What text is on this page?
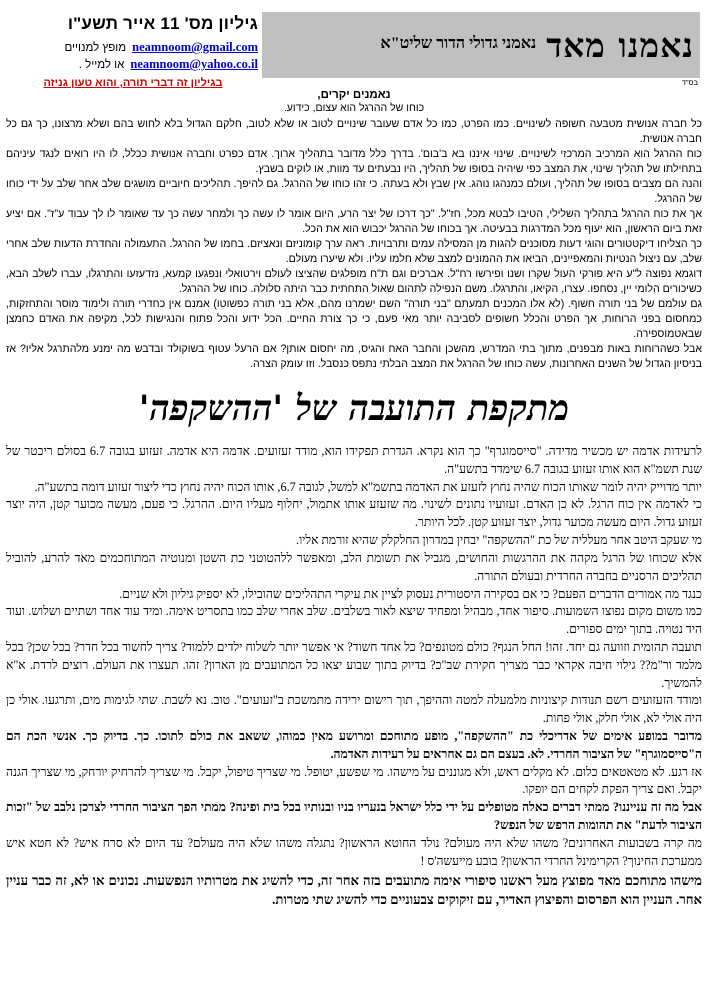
נאמנו מאד
נאמני גדולי הדור שליט"א
גיליון מס' 11 אייר תשע"ו
neamnoom@gmail.com
מופץ למנויים
neamnoom@yahoo.co.il
או למייל .
בגיליון זה דברי תורה, והוא טעון גניזה	בס"ד

נאמנים יקרים,

כוחו של ההרגל הוא עצום, כידוע.

כל חברה אנושית מטבעה חשופה לשינויים. כמו הפרט, כמו כל אדם שעובר שינויים לטוב או שלא לטוב, חלקם הגדול בלא לחוש בהם ושלא מרצונו, כך גם כל חברה אנושית.

כוח ההרגל הוא המרכיב המרכזי לשינויים. שינוי איננו בא ב'בום'. בדרך כלל מדובר בתהליך ארוך. אדם כפרט וחברה אנושית ככלל, לו היו רואים לנגד עיניהם בתחילתו של תהליך שינוי, את המצב כפי שיהיה בסופו של תהליך, היו נבעתים עד מוות, או לוקים בשבץ.

והנה הם מצבים בסופו של תהליך, ועולם כמנהגו נוהג. אין שבץ ולא בעתה. כי זהו כוחו של ההרגל. גם להיפך. תהליכים חיוביים מושגים שלב אחר שלב על ידי כוחו של ההרגל.

אך את כוח ההרגל בתהליך השלילי, הטיבו לבטא מכל, חז"ל. "כך דרכו של יצר הרע, היום אומר לו עשה כך ולמחר עשה כך עד שאומר לו לך עבוד ע"ז". אם יציע זאת ביום הראשון, הוא יעוף מכל המדרגות בבעיטה. אך בכוחו של ההרגל יכבוש הוא את הכל.

כך הצליחו דיקטטורים והוגי דעות מסוכנים להגות מן המסילה עמים ותרבויות. ראה ערך קומוניזם ונאציזם. בחמו של ההרגל. התעמולה והחדרת הדעות שלב אחרי שלב, עם ניצול הנטיות והמאפיינים, הביאו את ההמונים למצב שלא חלמו עליו. ולא שיערו מעולם.

דוגמא נפוצה ל"ע היא פורקי העול שקרו ושנו ופירשו רח"ל. אברכים וגם ת"ח מופלגים שהציצו לעולם וירטואלי ונפגעו קמעא, נזדעזעו והתרגלו, עברו לשלב הבא, כשיכורים הלומי יין, נסחפו. עצרו, הקיאו, והתרגלו. משם הנפילה לתהום שאול התחתית כבר היתה סלולה. כוחו של ההרגל.

גם עולמם של בני תורה חשוף. (לא אלו המכנים תמעתם "בני תורה" השם ישמרנו מהם, אלא בני תורה כפשוטו) אמנם אין כחדרי תורה ולימוד מוסר והתחזקות, כמחסום בפני הרוחות, אך הפרט והכלל חשופים לסביבה יותר מאי פעם, כי כך צורת החיים. הכל ידוע והכל פתוח והנגישות לכל, מקיפה את האדם כחמצן שבאטמוספירה.

אבל כשהרוחות באות מבפנים, מתוך בתי המדרש, מהשכן והחבר האח והגיס, מה יחסום אותן? אם הרעל עטוף בשוקולד ובדבש מה ימנע מלהתרגל אליו? אז בניסיון הגדול של השנים האחרונות, עשה כוחו של ההרגל את המצב הבלתי נתפס כנסבל. וזו עומק הצרה.

מתקפת התועבה של 'ההשקפה'

לרעידות אדמה יש מכשיר מדידה. "סייסמוגרף" כך הוא נקרא. הגדרת תפקידו הוא, מודד זעזועים. אדמה היא אדמה. זעזוע בגובה 6.7 בסולם ריכטר של שנת תשמ"א הוא אותו זעזוע בגובה 6.7 שימדד בתשע"ה.

יותר מדוייק יהיה לומר שאותו הכוח שהיה נחוץ לזעזע את האדמה בתשמ"א למשל, לגובה 6.7, אותו הכוח יהיה נחוץ כדי ליצור זעזוע דומה בתשע"ה.

כי לאדמה אין כוח הרגל. לא כן האדם. זעזועיו נתונים לשינוי. מה שזעזע אותו אתמול, יחלוף מעליו היום. ההרגל. כי פעם, מעשה מכוער קטן, היה יוצר זעזוע גדול. היום מעשה מכוער גדול, יוצר זעזוע קטן. לכל היותר.

מי שעקב היטב אחר מעלליה של כת "ההשקפה" יבחין במדרון החלקלק שהיא זורמת אליו.

אלא שכוחו של הרגל מקהה את ההרגשות והחושים, מגביל את תשומת הלב, ומאפשר ללהטוטני כת השטן ומנוטיה המתוחכמים מאד להרע, להוביל תהליכים הרסניים בחברה החרדית ובעולם התורה.

כנגד מה אמורים הדברים הפעם? כי אם בסקירה היסטורית נעסוק לציין את עיקרי התהליכים שהובילו, לא יספיק גיליון ולא שניים.

כמו משום מקום נפוצו השמועות. סיפור אחד, מבהיל ומפחיד שיצא לאור בשלבים. שלב אחרי שלב כמו בתסריט אימה. ומיד עוד אחד ושתיים ושלוש. ועוד היד נטויה. בתוך ימים ספורים.

תועבה תהומית וזוועה גם יחד. זהו! החל הנגף? כולם מטונפים? כל אחד חשוד? אי אפשר יותר לשלוח ילדים ללמוד? צריך לחשוד בכל חדר? בכל שכן? בכל מלמד ור"מ?? גילוי חיבה אקראי כבר מצריך חקירת שב"כ? בדיוק בתוך שבוע יצאו כל המתועבים מן הארון? זהו. תעצרו את העולם. רוצים לרדת. א"א להמשיך.

ומודד הזעזועים רשם תנודות קיצוניות מלמעלה למטה וההיפך, תוך רישום ירידה מתמשכת ב"זעועים". טוב. נא לשבת. שתי לגימות מים, ותרגעו. אולי כן היה אולי לא, אולי חלק, אולי פחות.

מדובר במופע אימים של אדריכלי כת "ההשקפה", מופע מתוחכם ומרושע מאין כמוהו, ששאב את כולם לתוכו. כך. בדיוק כך. אנשי הכת הם ה"סייסמוגרף" של הציבור החרדי. לא. בעצם הם גם אחראים על רעידות האדמה.

אז רגע. לא מטאטאים כלום. לא מקלים ראש, ולא מגוננים על מישהו. מי שפשע, יטופל. מי שצריך טיפול, יקבל. מי שצריך להרחיק יורחק, מי שצריך הגנה יקבל. ואם צריך הפקת לקחים הם יופקו.

אבל מה זה ענייננו? ממתי דברים כאלה מטופלים על ידי כלל ישראל בנעריו בניו ובנותיו בכל בית ופינה? ממתי הפך הציבור החרדי לצרכן נלבב של "זכות הציבור לדעת" את תהומות הרפש של הנפש?

מה קרה בשבועות האחרונים? משהו שלא היה מעולם? נולד החוטא הראשון? נתגלה משהו שלא היה מעולם? עד היום לא סרח איש? לא חטא איש ממערכת החינוך? הקרימינל החרדי הראשון? בובע מייעשה'ס !

מישהו מתוחכם מאד מפוצץ מעל ראשנו סיפורי אימה מתועבים בזה אחר זה, כדי להשיג את מטרותיו הנפשעות. נכונים או לא, זה כבר עניין אחר. העניין הוא הפרסום והפיצוץ האדיר, עם זיקוקים צבעוניים כדי להשיג שתי מטרות.
